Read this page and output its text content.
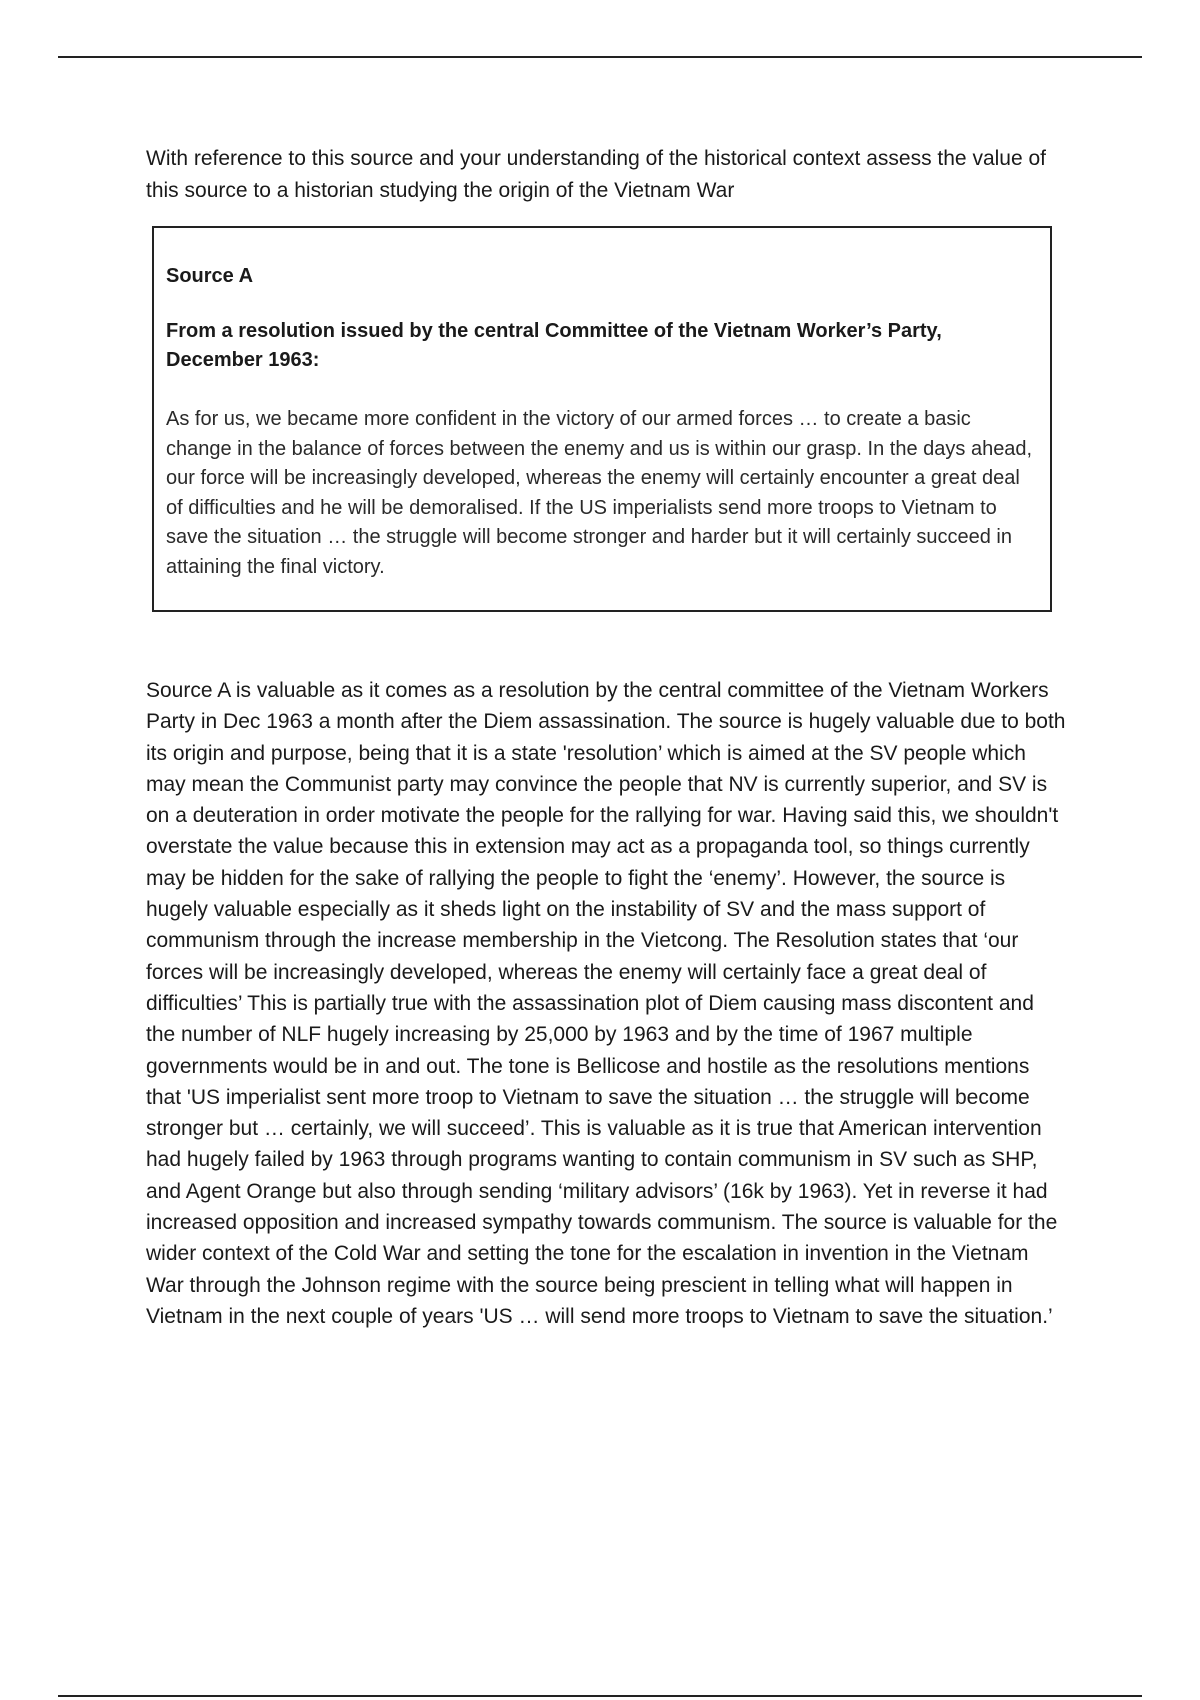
With reference to this source and your understanding of the historical context assess the value of this source to a historian studying the origin of the Vietnam War

Source A

From a resolution issued by the central Committee of the Vietnam Worker’s Party, December 1963:

As for us, we became more confident in the victory of our armed forces … to create a basic change in the balance of forces between the enemy and us is within our grasp. In the days ahead, our force will be increasingly developed, whereas the enemy will certainly encounter a great deal of difficulties and he will be demoralised. If the US imperialists send more troops to Vietnam to save the situation … the struggle will become stronger and harder but it will certainly succeed in attaining the final victory.

Source A is valuable as it comes as a resolution by the central committee of the Vietnam Workers Party in Dec 1963 a month after the Diem assassination. The source is hugely valuable due to both its origin and purpose, being that it is a state 'resolution’ which is aimed at the SV people which may mean the Communist party may convince the people that NV is currently superior, and SV is on a deuteration in order motivate the people for the rallying for war. Having said this, we shouldn't overstate the value because this in extension may act as a propaganda tool, so things currently may be hidden for the sake of rallying the people to fight the ‘enemy’. However, the source is hugely valuable especially as it sheds light on the instability of SV and the mass support of communism through the increase membership in the Vietcong. The Resolution states that ‘our forces will be increasingly developed, whereas the enemy will certainly face a great deal of difficulties’ This is partially true with the assassination plot of Diem causing mass discontent and the number of NLF hugely increasing by 25,000 by 1963 and by the time of 1967 multiple governments would be in and out. The tone is Bellicose and hostile as the resolutions mentions that 'US imperialist sent more troop to Vietnam to save the situation … the struggle will become stronger but … certainly, we will succeed’. This is valuable as it is true that American intervention had hugely failed by 1963 through programs wanting to contain communism in SV such as SHP, and Agent Orange but also through sending ‘military advisors’ (16k by 1963). Yet in reverse it had increased opposition and increased sympathy towards communism. The source is valuable for the wider context of the Cold War and setting the tone for the escalation in invention in the Vietnam War through the Johnson regime with the source being prescient in telling what will happen in Vietnam in the next couple of years 'US … will send more troops to Vietnam to save the situation.’
